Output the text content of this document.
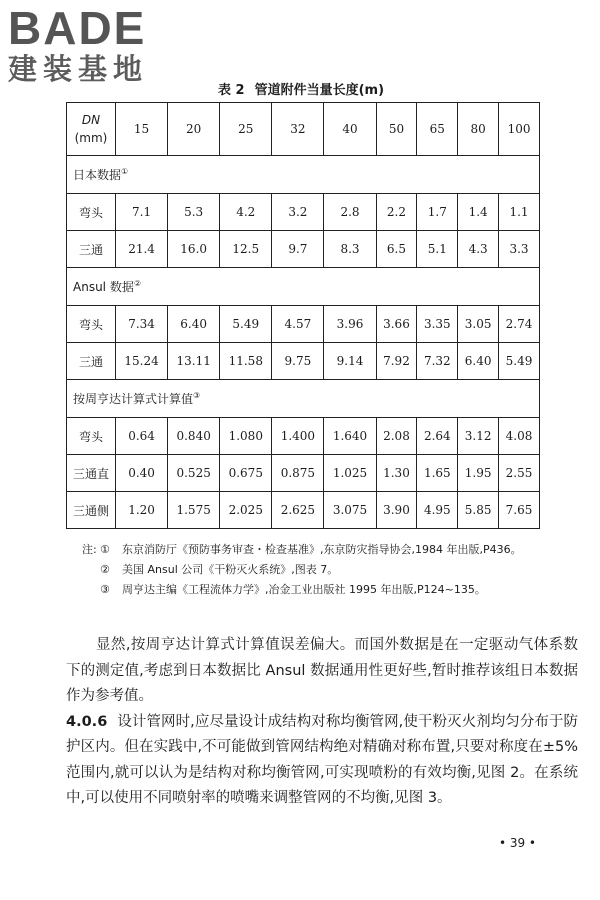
BADE
建装基地
表 2 管道附件当量长度(m)
DN
(mm)	15	20	25	32	40	50	65	80	100
日本数据①
弯头	7.1	5.3	4.2	3.2	2.8	2.2	1.7	1.4	1.1
三通	21.4	16.0	12.5	9.7	8.3	6.5	5.1	4.3	3.3
Ansul 数据②
弯头	7.34	6.40	5.49	4.57	3.96	3.66	3.35	3.05	2.74
三通	15.24	13.11	11.58	9.75	9.14	7.92	7.32	6.40	5.49
按周亨达计算式计算值③
弯头	0.64	0.840	1.080	1.400	1.640	2.08	2.64	3.12	4.08
三通直	0.40	0.525	0.675	0.875	1.025	1.30	1.65	1.95	2.55
三通侧	1.20	1.575	2.025	2.625	3.075	3.90	4.95	5.85	7.65
注: ① 东京消防厅《预防事务审查・检查基准》,东京防灾指导协会,1984 年出版,P436。
② 美国 Ansul 公司《干粉灭火系统》,图表 7。
③ 周亨达主编《工程流体力学》,冶金工业出版社 1995 年出版,P124~135。

显然,按周亨达计算式计算值误差偏大。而国外数据是在一定驱动气体系数下的测定值,考虑到日本数据比 Ansul 数据通用性更好些,暂时推荐该组日本数据作为参考值。

4.0.6 设计管网时,应尽量设计成结构对称均衡管网,使干粉灭火剂均匀分布于防护区内。但在实践中,不可能做到管网结构绝对精确对称布置,只要对称度在±5%范围内,就可以认为是结构对称均衡管网,可实现喷粉的有效均衡,见图 2。在系统中,可以使用不同喷射率的喷嘴来调整管网的不均衡,见图 3。

• 39 •
